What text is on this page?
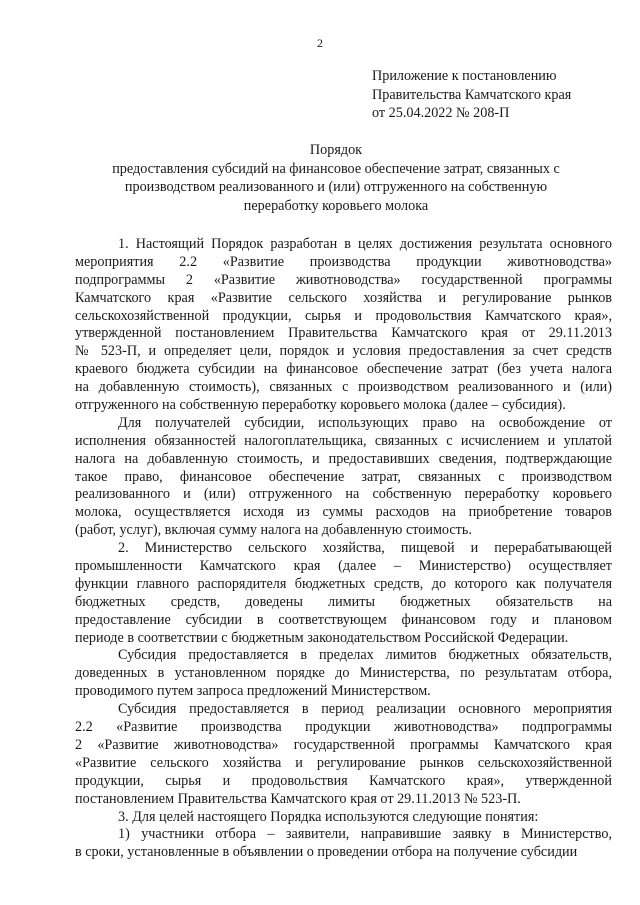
2
Приложение к постановлению
Правительства Камчатского края
от 25.04.2022 № 208-П
Порядок
предоставления субсидий на финансовое обеспечение затрат, связанных с
производством реализованного и (или) отгруженного на собственную
переработку коровьего молока
1. Настоящий Порядок разработан в целях достижения результата основного
мероприятия 2.2 «Развитие производства продукции животноводства»
подпрограммы 2 «Развитие животноводства» государственной программы
Камчатского края «Развитие сельского хозяйства и регулирование рынков
сельскохозяйственной продукции, сырья и продовольствия Камчатского края»,
утвержденной постановлением Правительства Камчатского края от 29.11.2013
№ 523-П, и определяет цели, порядок и условия предоставления за счет средств
краевого бюджета субсидии на финансовое обеспечение затрат (без учета налога
на добавленную стоимость), связанных с производством реализованного и (или)
отгруженного на собственную переработку коровьего молока (далее – субсидия).
Для получателей субсидии, использующих право на освобождение от
исполнения обязанностей налогоплательщика, связанных с исчислением и уплатой
налога на добавленную стоимость, и предоставивших сведения, подтверждающие
такое право, финансовое обеспечение затрат, связанных с производством
реализованного и (или) отгруженного на собственную переработку коровьего
молока, осуществляется исходя из суммы расходов на приобретение товаров
(работ, услуг), включая сумму налога на добавленную стоимость.
2. Министерство сельского хозяйства, пищевой и перерабатывающей
промышленности Камчатского края (далее – Министерство) осуществляет
функции главного распорядителя бюджетных средств, до которого как получателя
бюджетных средств, доведены лимиты бюджетных обязательств на
предоставление субсидии в соответствующем финансовом году и плановом
периоде в соответствии с бюджетным законодательством Российской Федерации.
Субсидия предоставляется в пределах лимитов бюджетных обязательств,
доведенных в установленном порядке до Министерства, по результатам отбора,
проводимого путем запроса предложений Министерством.
Субсидия предоставляется в период реализации основного мероприятия
2.2 «Развитие производства продукции животноводства» подпрограммы
2 «Развитие животноводства» государственной программы Камчатского края
«Развитие сельского хозяйства и регулирование рынков сельскохозяйственной
продукции, сырья и продовольствия Камчатского края», утвержденной
постановлением Правительства Камчатского края от 29.11.2013 № 523-П.
3. Для целей настоящего Порядка используются следующие понятия:
1) участники отбора – заявители, направившие заявку в Министерство,
в сроки, установленные в объявлении о проведении отбора на получение субсидии
